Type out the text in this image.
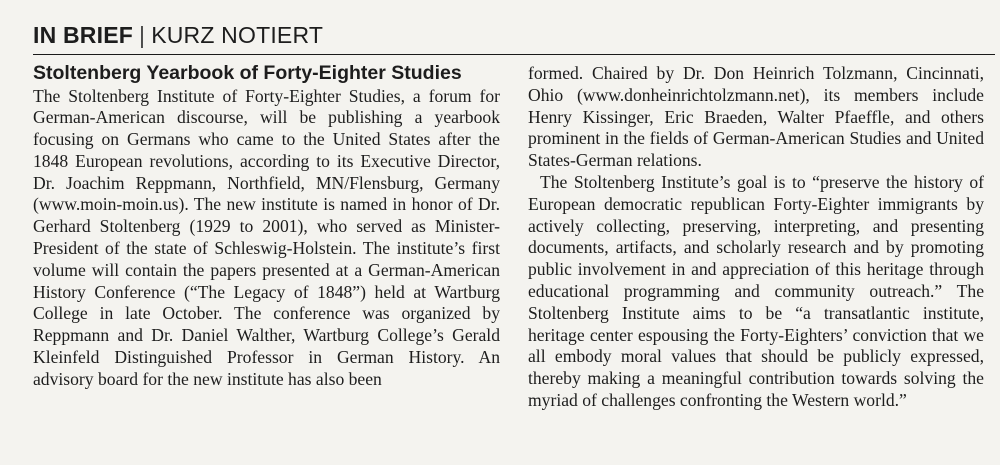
IN BRIEF | KURZ NOTIERT
Stoltenberg Yearbook of Forty-Eighter Studies

The Stoltenberg Institute of Forty-Eighter Studies, a forum for German-American discourse, will be publishing a yearbook focusing on Germans who came to the United States after the 1848 European revolutions, according to its Executive Director, Dr. Joachim Reppmann, Northfield, MN/Flensburg, Germany (www.moin-moin.us). The new institute is named in honor of Dr. Gerhard Stoltenberg (1929 to 2001), who served as Minister-President of the state of Schleswig-Holstein. The institute’s first volume will contain the papers presented at a German-American History Conference (“The Legacy of 1848”) held at Wartburg College in late October. The conference was organized by Reppmann and Dr. Daniel Walther, Wartburg College’s Gerald Kleinfeld Distinguished Professor in German History. An advisory board for the new institute has also been

formed. Chaired by Dr. Don Heinrich Tolzmann, Cincinnati, Ohio (www.donheinrichtolzmann.net), its members include Henry Kissinger, Eric Braeden, Walter Pfaeffle, and others prominent in the fields of German-American Studies and United States-German relations.

The Stoltenberg Institute’s goal is to “preserve the history of European democratic republican Forty-Eighter immigrants by actively collecting, preserving, interpreting, and presenting documents, artifacts, and scholarly research and by promoting public involvement in and appreciation of this heritage through educational programming and community outreach.” The Stoltenberg Institute aims to be “a transatlantic institute, heritage center espousing the Forty-Eighters’ conviction that we all embody moral values that should be publicly expressed, thereby making a meaningful contribution towards solving the myriad of challenges confronting the Western world.”
